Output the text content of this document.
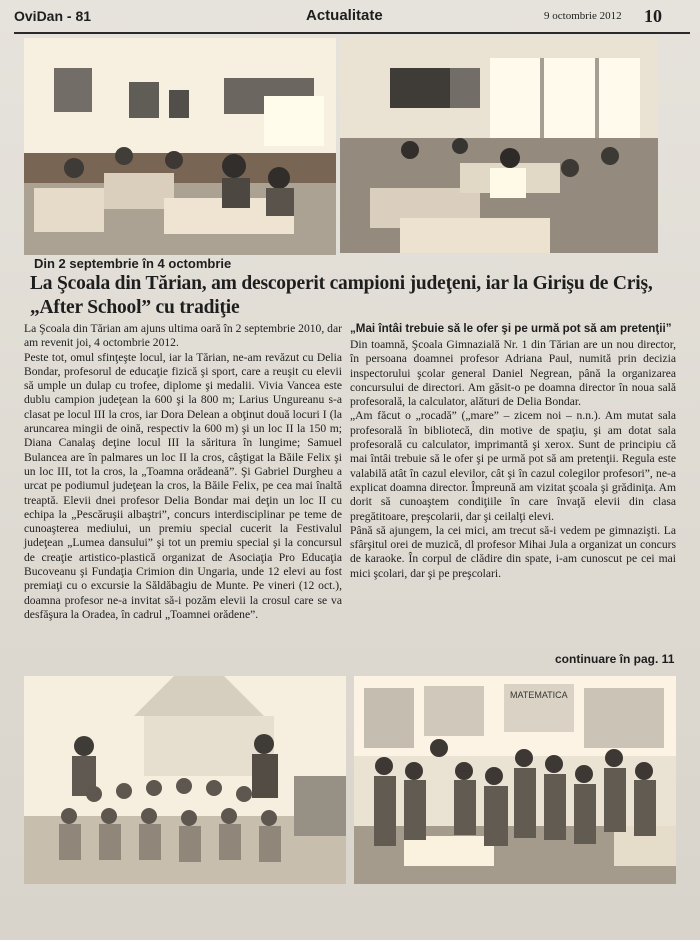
OviDan - 81	Actualitate	9 octombrie 2012 10
Din 2 septembrie în 4 octombrie
La Şcoala din Tărian, am descoperit campioni judeţeni, iar la Girişu de Criş, „After School” cu tradiţie

La Şcoala din Tărian am ajuns ultima oară în 2 septembrie 2010, dar am revenit joi, 4 octombrie 2012.

Peste tot, omul sfinţeşte locul, iar la Tărian, ne-am revăzut cu Delia Bondar, profesorul de educaţie fizică şi sport, care a reuşit cu elevii să umple un dulap cu trofee, diplome şi medalii. Vivia Vancea este dublu campion judeţean la 600 şi la 800 m; Larius Ungureanu s-a clasat pe locul III la cros, iar Dora Delean a obţinut două locuri I (la aruncarea mingii de oină, respectiv la 600 m) şi un loc II la 150 m; Diana Canalaş deţine locul III la săritura în lungime; Samuel Bulancea are în palmares un loc II la cros, câştigat la Băile Felix şi un loc III, tot la cros, la „Toamna orădeană”. Şi Gabriel Durgheu a urcat pe podiumul judeţean la cros, la Băile Felix, pe cea mai înaltă treaptă. Elevii dnei profesor Delia Bondar mai deţin un loc II cu echipa la „Pescăruşii albaştri”, concurs interdisciplinar pe teme de cunoaşterea mediului, un premiu special cucerit la Festivalul judeţean „Lumea dansului” şi tot un premiu special şi la concursul de creaţie artistico-plastică organizat de Asociaţia Pro Educaţia Bucoveanu şi Fundaţia Crimion din Ungaria, unde 12 elevi au fost premiaţi cu o excursie la Săldăbagiu de Munte. Pe vineri (12 oct.), doamna profesor ne-a invitat să-i pozăm elevii la crosul care se va desfăşura la Oradea, în cadrul „Toamnei orădene”.

„Mai întâi trebuie să le ofer şi pe urmă pot să am pretenţii”

Din toamnă, Şcoala Gimnazială Nr. 1 din Tărian are un nou director, în persoana doamnei profesor Adriana Paul, numită prin decizia inspectorului şcolar general Daniel Negrean, până la organizarea concursului de directori. Am găsit-o pe doamna director în noua sală profesorală, la calculator, alături de Delia Bondar.

„Am făcut o „rocadă” („mare” – zicem noi – n.n.). Am mutat sala profesorală în bibliotecă, din motive de spaţiu, şi am dotat sala profesorală cu calculator, imprimantă şi xerox. Sunt de principiu că mai întâi trebuie să le ofer şi pe urmă pot să am pretenţii. Regula este valabilă atât în cazul elevilor, cât şi în cazul colegilor profesori”, ne-a explicat doamna director. Împreună am vizitat şcoala şi grădiniţa. Am dorit să cunoaştem condiţiile în care învaţă elevii din clasa pregătitoare, preşcolarii, dar şi ceilalţi elevi.

Până să ajungem, la cei mici, am trecut să-i vedem pe gimnazişti. La sfârşitul orei de muzică, dl profesor Mihai Jula a organizat un concurs de karaoke. În corpul de clădire din spate, i-am cunoscut pe cei mai mici şcolari, dar şi pe preşcolari.

continuare în pag. 11
MATEMATICA
